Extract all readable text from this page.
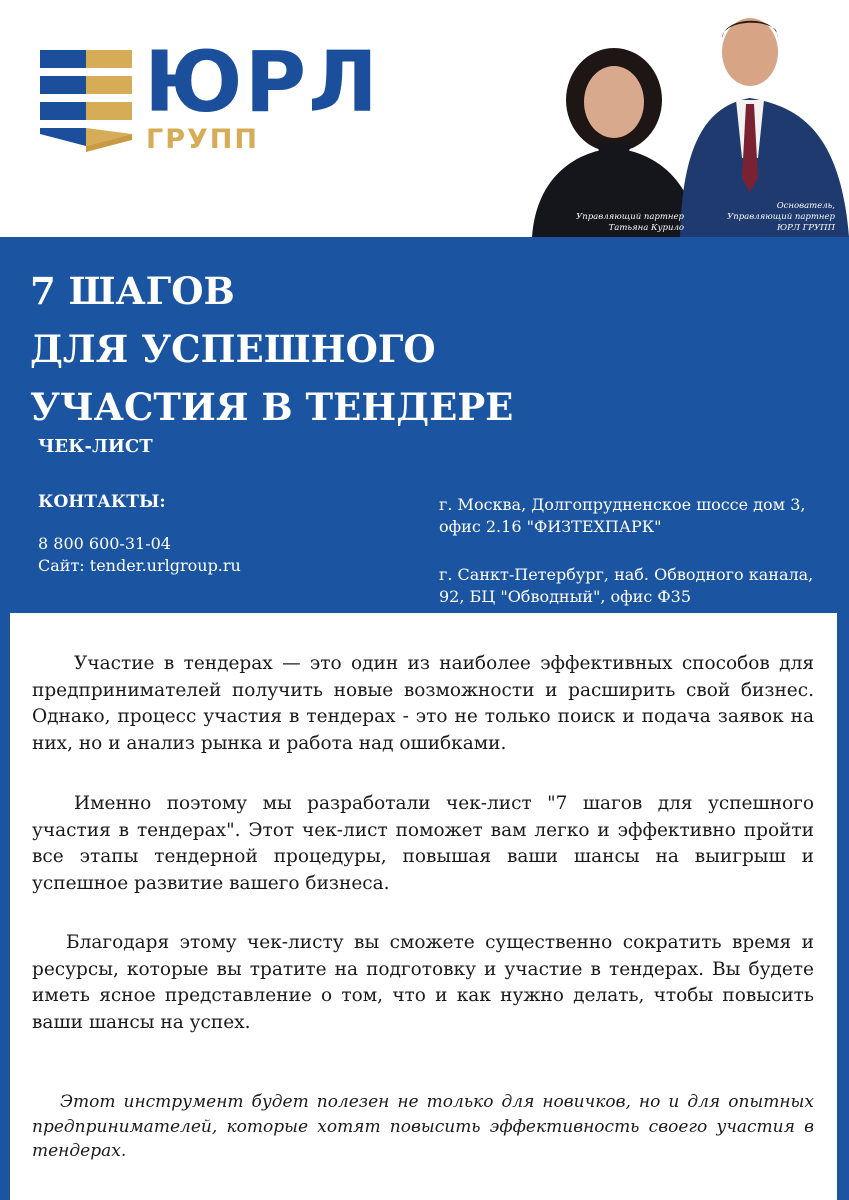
ЮРЛ
ГРУПП
Управляющий партнер
Татьяна Курило
Основатель,
Управляющий партнер
ЮРЛ ГРУПП
7 ШАГОВ
ДЛЯ УСПЕШНОГО
УЧАСТИЯ В ТЕНДЕРЕ
ЧЕК-ЛИСТ
КОНТАКТЫ:
8 800 600-31-04
Сайт: tender.urlgroup.ru
г. Москва, Долгопрудненское шоссе дом 3,
офис 2.16 "ФИЗТЕХПАРК"
г. Санкт-Петербург, наб. Обводного канала,
92, БЦ "Обводный", офис Ф35

Участие в тендерах — это один из наиболее эффективных способов для предпринимателей получить новые возможности и расширить свой бизнес. Однако, процесс участия в тендерах - это не только поиск и подача заявок на них, но и анализ рынка и работа над ошибками.

Именно поэтому мы разработали чек-лист "7 шагов для успешного участия в тендерах". Этот чек-лист поможет вам легко и эффективно пройти все этапы тендерной процедуры, повышая ваши шансы на выигрыш и успешное развитие вашего бизнеса.

Благодаря этому чек-листу вы сможете существенно сократить время и ресурсы, которые вы тратите на подготовку и участие в тендерах. Вы будете иметь ясное представление о том, что и как нужно делать, чтобы повысить ваши шансы на успех.

Этот инструмент будет полезен не только для новичков, но и для опытных предпринимателей, которые хотят повысить эффективность своего участия в тендерах.
